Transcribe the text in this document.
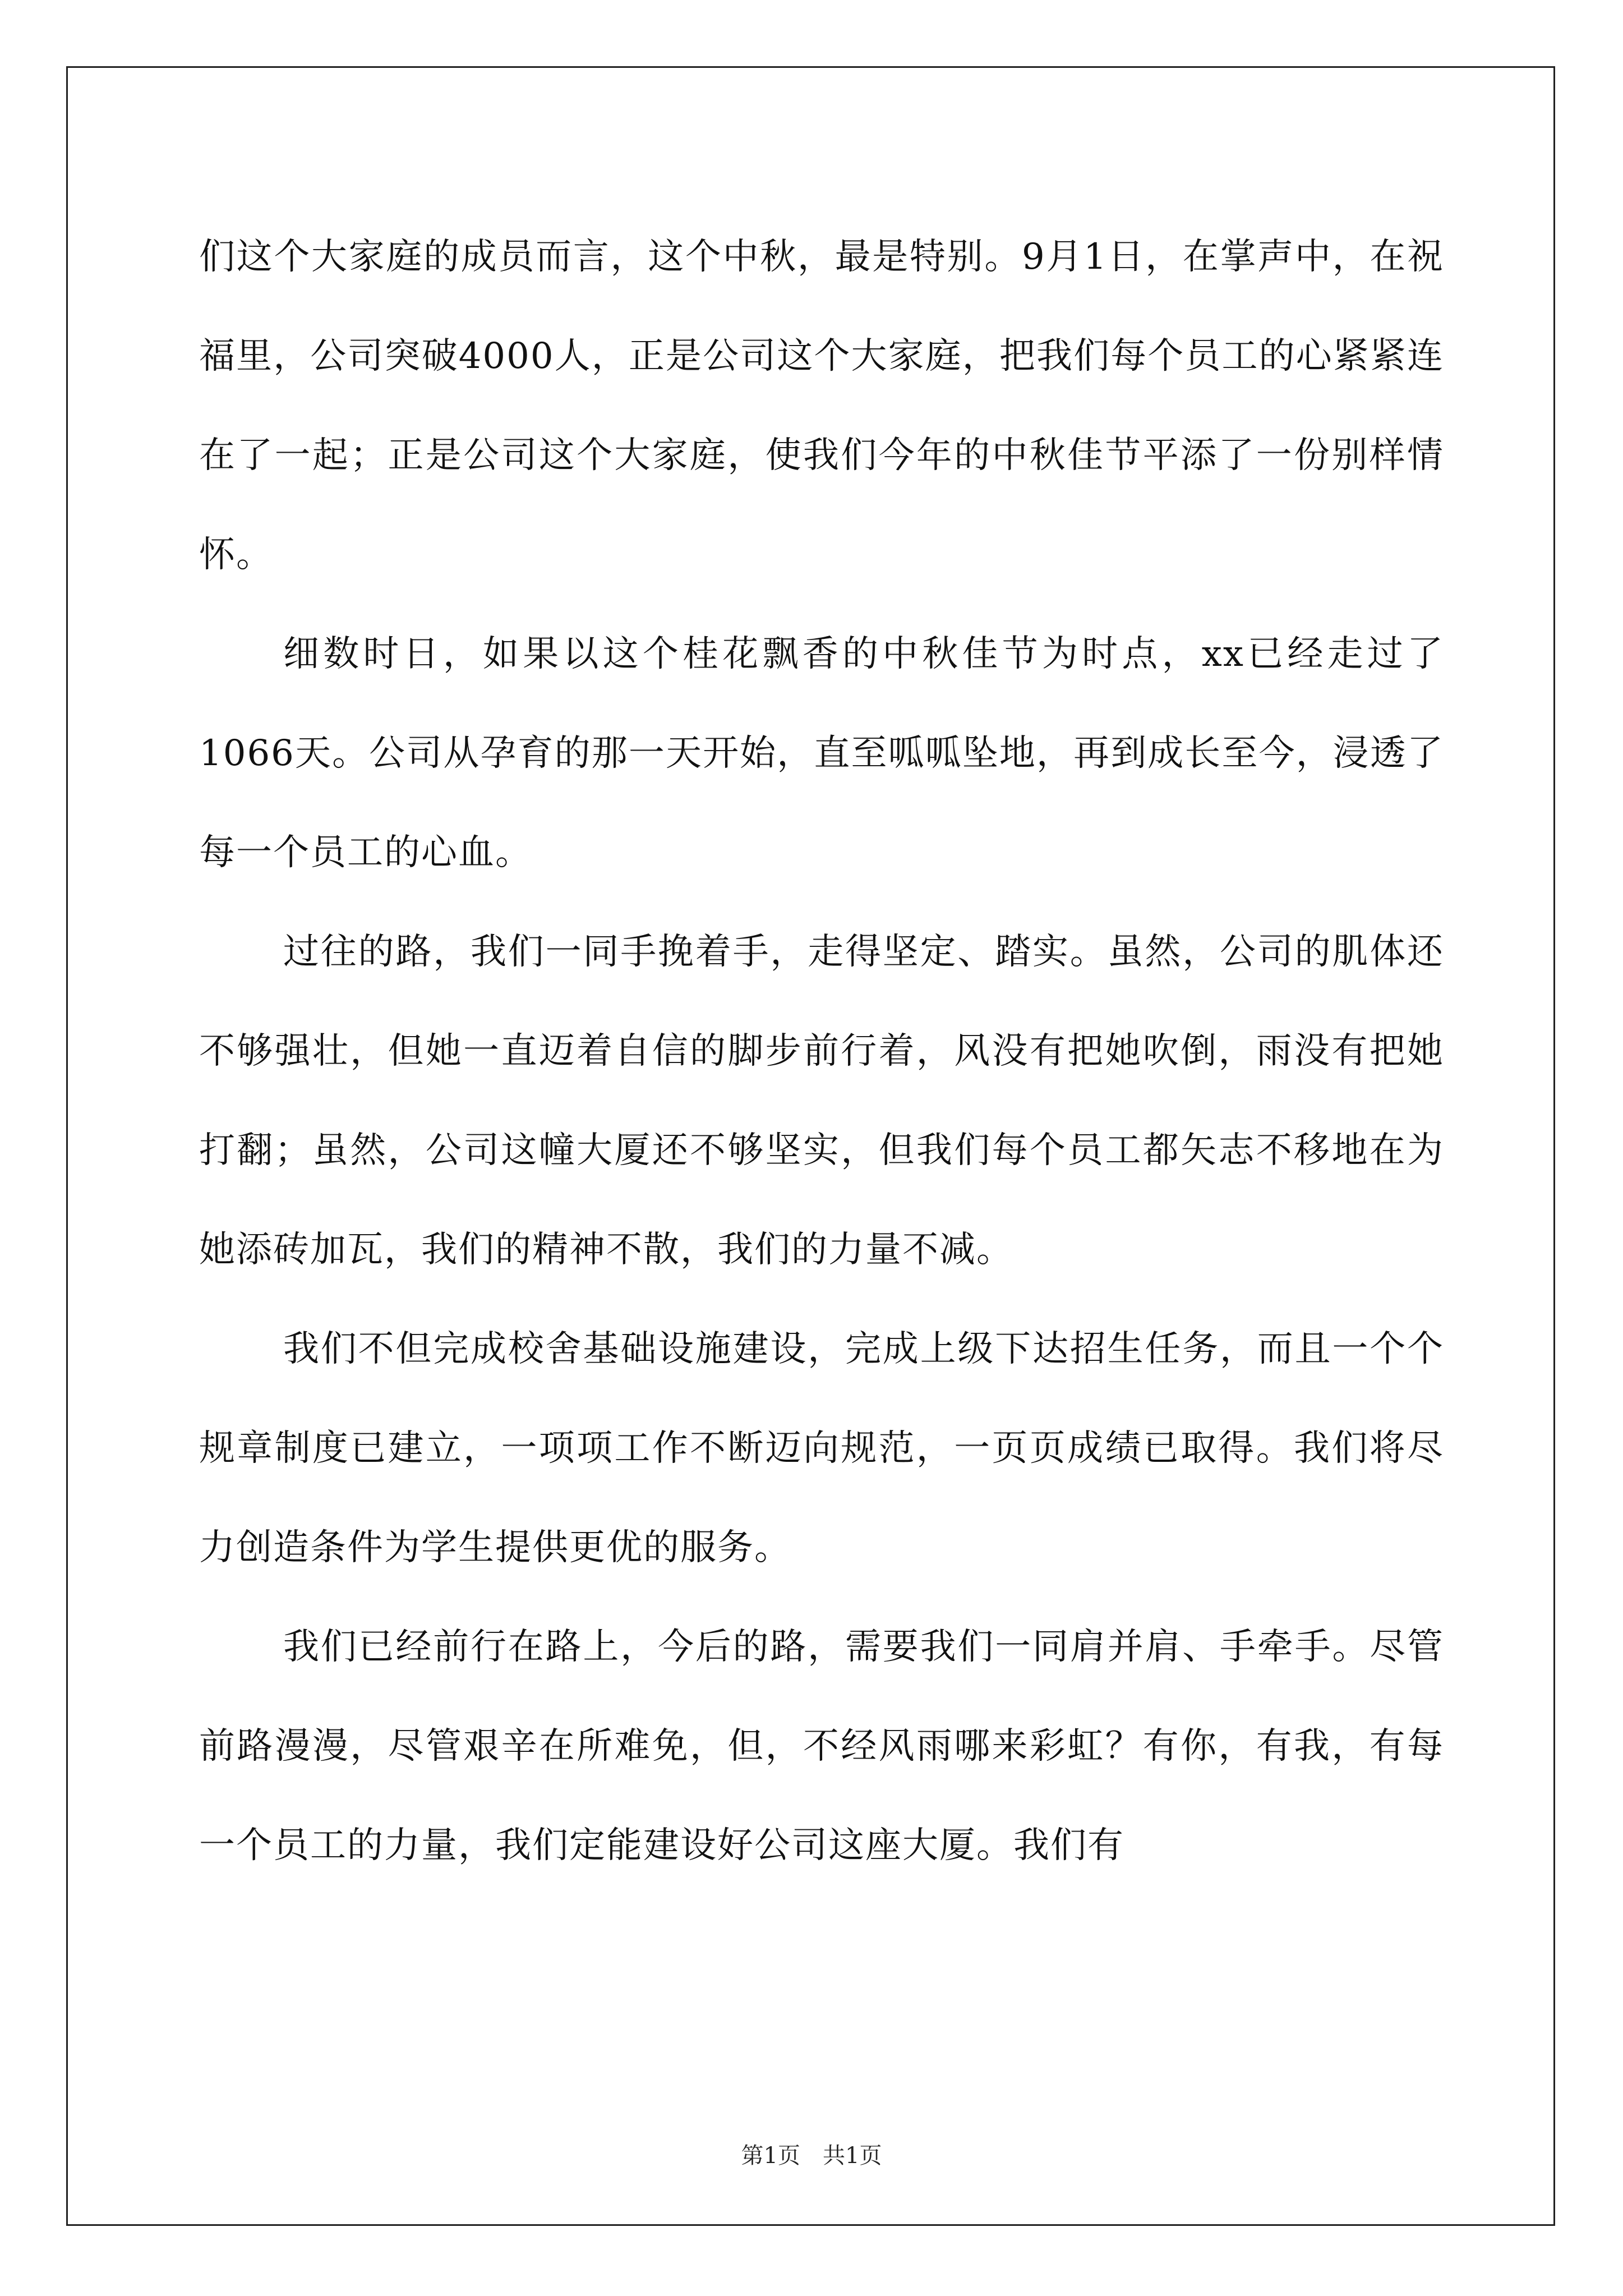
们这个大家庭的成员而言，这个中秋，最是特别。9月1日，在掌声中，在祝福里，公司突破4000人，正是公司这个大家庭，把我们每个员工的心紧紧连在了一起；正是公司这个大家庭，使我们今年的中秋佳节平添了一份别样情怀。

细数时日，如果以这个桂花飘香的中秋佳节为时点，xx已经走过了1066天。公司从孕育的那一天开始，直至呱呱坠地，再到成长至今，浸透了每一个员工的心血。

过往的路，我们一同手挽着手，走得坚定、踏实。虽然，公司的肌体还不够强壮，但她一直迈着自信的脚步前行着，风没有把她吹倒，雨没有把她打翻；虽然，公司这幢大厦还不够坚实，但我们每个员工都矢志不移地在为她添砖加瓦，我们的精神不散，我们的力量不减。

我们不但完成校舍基础设施建设，完成上级下达招生任务，而且一个个规章制度已建立，一项项工作不断迈向规范，一页页成绩已取得。我们将尽力创造条件为学生提供更优的服务。

我们已经前行在路上，今后的路，需要我们一同肩并肩、手牵手。尽管前路漫漫，尽管艰辛在所难免，但，不经风雨哪来彩虹？有你，有我，有每一个员工的力量，我们定能建设好公司这座大厦。我们有

第1页　共1页
